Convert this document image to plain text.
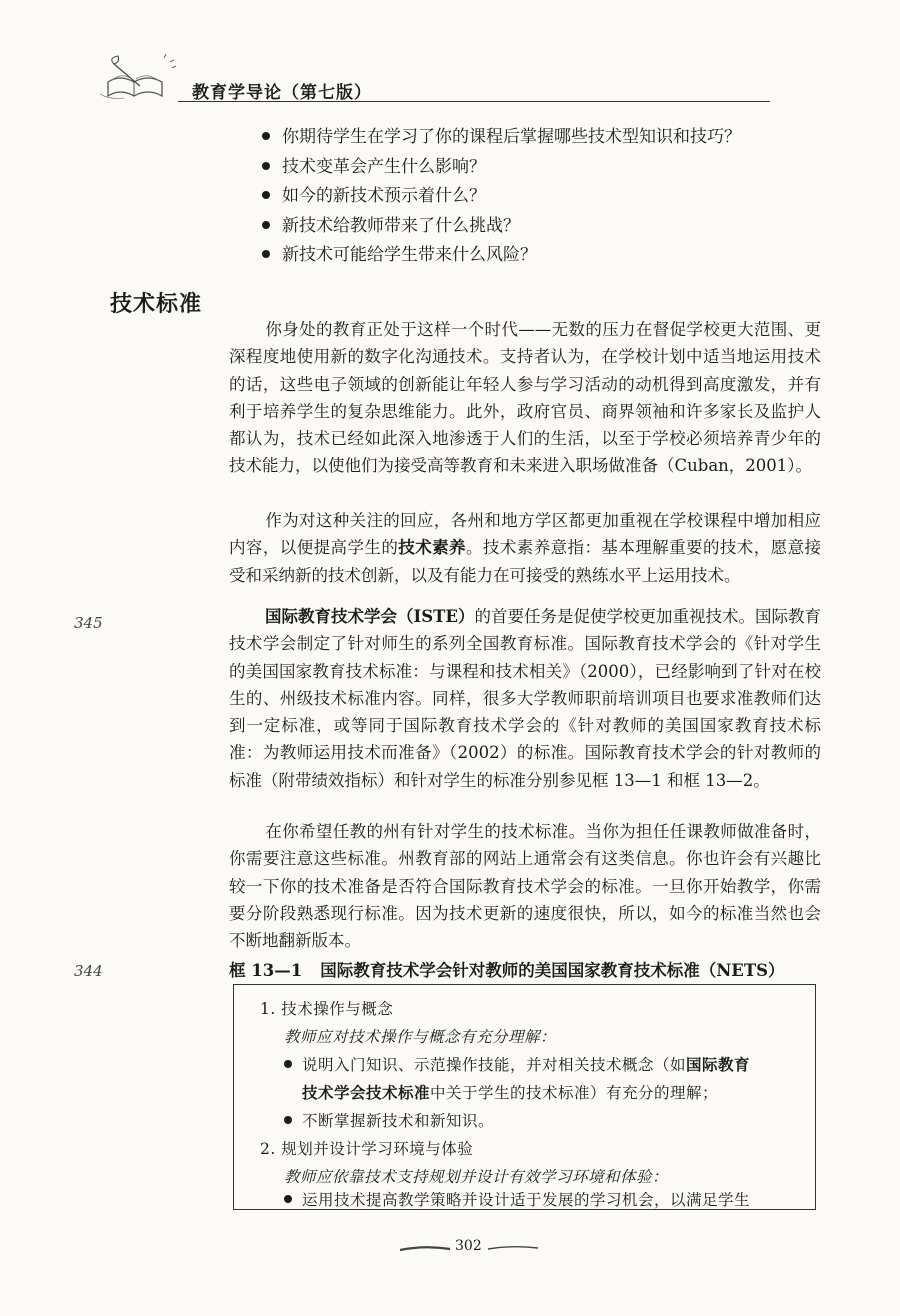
教育学导论（第七版）
你期待学生在学习了你的课程后掌握哪些技术型知识和技巧？
技术变革会产生什么影响？
如今的新技术预示着什么？
新技术给教师带来了什么挑战？
新技术可能给学生带来什么风险？
技术标准

你身处的教育正处于这样一个时代——无数的压力在督促学校更大范围、更深程度地使用新的数字化沟通技术。支持者认为，在学校计划中适当地运用技术的话，这些电子领域的创新能让年轻人参与学习活动的动机得到高度激发，并有利于培养学生的复杂思维能力。此外，政府官员、商界领袖和许多家长及监护人都认为，技术已经如此深入地渗透于人们的生活，以至于学校必须培养青少年的技术能力，以使他们为接受高等教育和未来进入职场做准备（Cuban，2001）。

作为对这种关注的回应，各州和地方学区都更加重视在学校课程中增加相应内容，以便提高学生的技术素养。技术素养意指：基本理解重要的技术，愿意接受和采纳新的技术创新，以及有能力在可接受的熟练水平上运用技术。

345	国际教育技术学会（ISTE）的首要任务是促使学校更加重视技术。国际教育技术学会制定了针对师生的系列全国教育标准。国际教育技术学会的《针对学生的美国国家教育技术标准：与课程和技术相关》（2000），已经影响到了针对在校生的、州级技术标准内容。同样，很多大学教师职前培训项目也要求准教师们达到一定标准，或等同于国际教育技术学会的《针对教师的美国国家教育技术标准：为教师运用技术而准备》（2002）的标准。国际教育技术学会的针对教师的标准（附带绩效指标）和针对学生的标准分别参见框 13—1 和框 13—2。

在你希望任教的州有针对学生的技术标准。当你为担任任课教师做准备时，你需要注意这些标准。州教育部的网站上通常会有这类信息。你也许会有兴趣比较一下你的技术准备是否符合国际教育技术学会的标准。一旦你开始教学，你需要分阶段熟悉现行标准。因为技术更新的速度很快，所以，如今的标准当然也会不断地翻新版本。

344	框 13—1 国际教育技术学会针对教师的美国国家教育技术标准（NETS）
1. 技术操作与概念
教师应对技术操作与概念有充分理解：
说明入门知识、示范操作技能，并对相关技术概念（如国际教育
技术学会技术标准中关于学生的技术标准）有充分的理解；
不断掌握新技术和新知识。
2. 规划并设计学习环境与体验
教师应依靠技术支持规划并设计有效学习环境和体验：
运用技术提高教学策略并设计适于发展的学习机会，以满足学生
302
